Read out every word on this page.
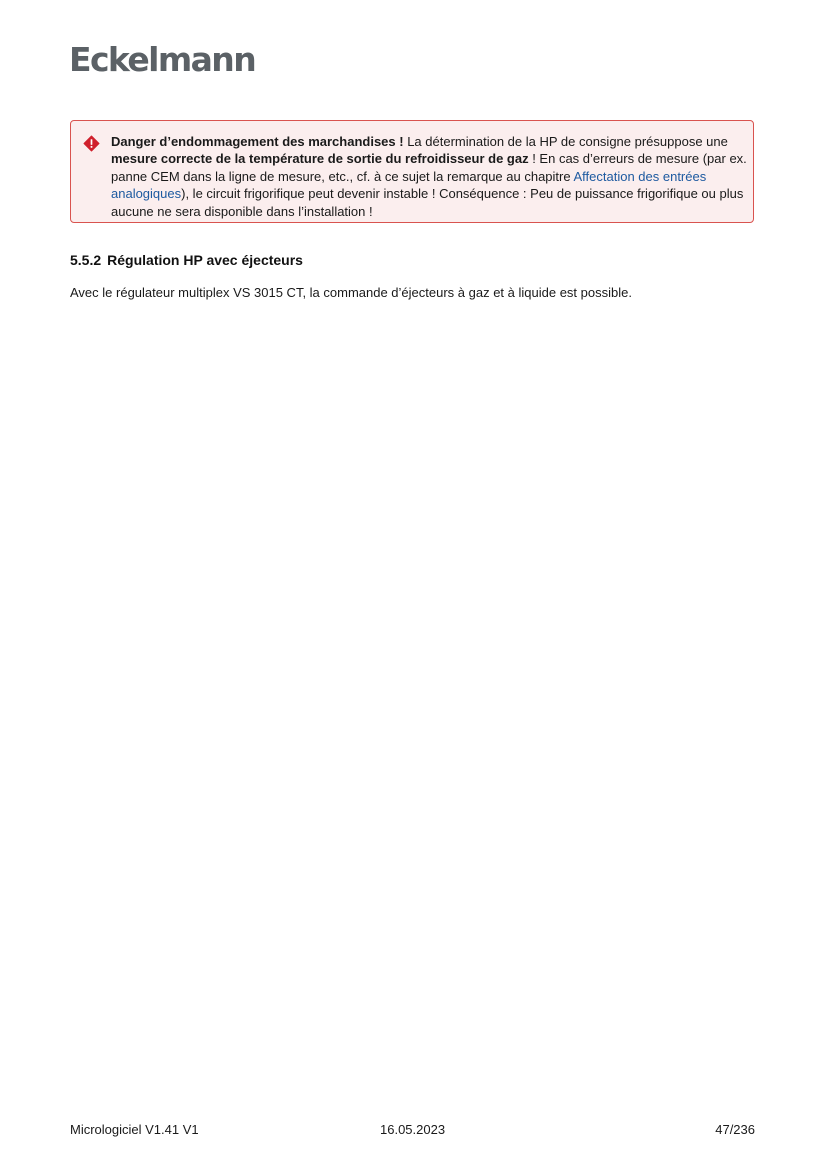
Eckelmann
Danger d’endommagement des marchandises ! La détermination de la HP de consigne présuppose une mesure correcte de la température de sortie du refroidisseur de gaz ! En cas d’erreurs de mesure (par ex. panne CEM dans la ligne de mesure, etc., cf. à ce sujet la remarque au chapitre Affectation des entrées analogiques), le circuit frigorifique peut devenir instable ! Conséquence : Peu de puissance frigorifique ou plus aucune ne sera disponible dans l’installation !
5.5.2 Régulation HP avec éjecteurs
Avec le régulateur multiplex VS 3015 CT, la commande d’éjecteurs à gaz et à liquide est possible.
Micrologiciel V1.41 V1	16.05.2023	47/236
